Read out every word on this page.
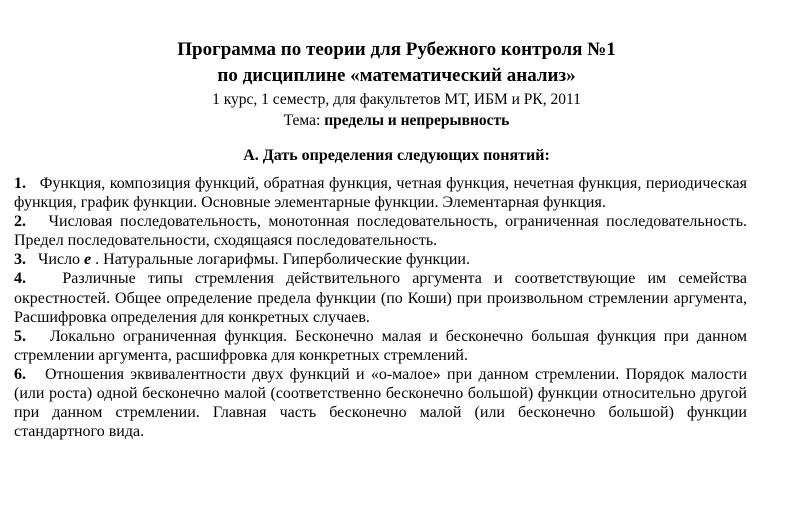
Программа по теории для Рубежного контроля №1
по дисциплине «математический анализ»
1 курс, 1 семестр, для факультетов МТ, ИБМ и РК, 2011
Тема: пределы и непрерывность
А. Дать определения следующих понятий:

1. Функция, композиция функций, обратная функция, четная функция, нечетная функция, периодическая функция, график функции. Основные элементарные функции. Элементарная функция.

2. Числовая последовательность, монотонная последовательность, ограниченная последовательность. Предел последовательности, сходящаяся последовательность.

3. Число e . Натуральные логарифмы. Гиперболические функции.

4. Различные типы стремления действительного аргумента и соответствующие им семейства окрестностей. Общее определение предела функции (по Коши) при произвольном стремлении аргумента, Расшифровка определения для конкретных случаев.

5. Локально ограниченная функция. Бесконечно малая и бесконечно большая функция при данном стремлении аргумента, расшифровка для конкретных стремлений.

6. Отношения эквивалентности двух функций и «о-малое» при данном стремлении. Порядок малости (или роста) одной бесконечно малой (соответственно бесконечно большой) функции относительно другой при данном стремлении. Главная часть бесконечно малой (или бесконечно большой) функции стандартного вида.
